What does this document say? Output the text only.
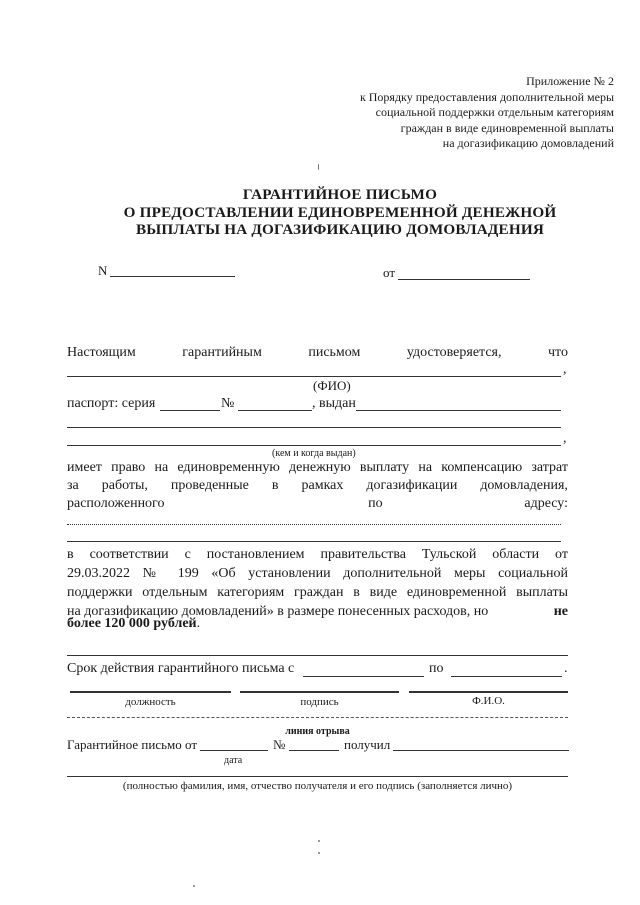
Приложение № 2
к Порядку предоставления дополнительной меры
социальной поддержки отдельным категориям
граждан в виде единовременной выплаты
на догазификацию домовладений
ГАРАНТИЙНОЕ ПИСЬМО
О ПРЕДОСТАВЛЕНИИ ЕДИНОВРЕМЕННОЙ ДЕНЕЖНОЙ
ВЫПЛАТЫ НА ДОГАЗИФИКАЦИЮ ДОМОВЛАДЕНИЯ
N	от
Настоящим	гарантийным	письмом	удостоверяется,	что
,
(ФИО)
паспорт: серия	№	, выдан
,
(кем и когда выдан)
имеет право на единовременную денежную выплату на компенсацию затрат
за работы, проведенные в рамках догазификации домовладения,
расположенного	по	адресу:
в соответствии с постановлением правительства Тульской области от
29.03.2022 № 199 «Об установлении дополнительной меры социальной
поддержки отдельным категориям граждан в виде единовременной выплаты
на догазификацию домовладений» в размере понесенных расходов, но	не
более 120 000 рублей.
Срок действия гарантийного письма с	по	.
должность	подпись	Ф.И.О.
линия отрыва
Гарантийное письмо от	№	получил
дата
(полностью фамилия, имя, отчество получателя и его подпись (заполняется лично)
